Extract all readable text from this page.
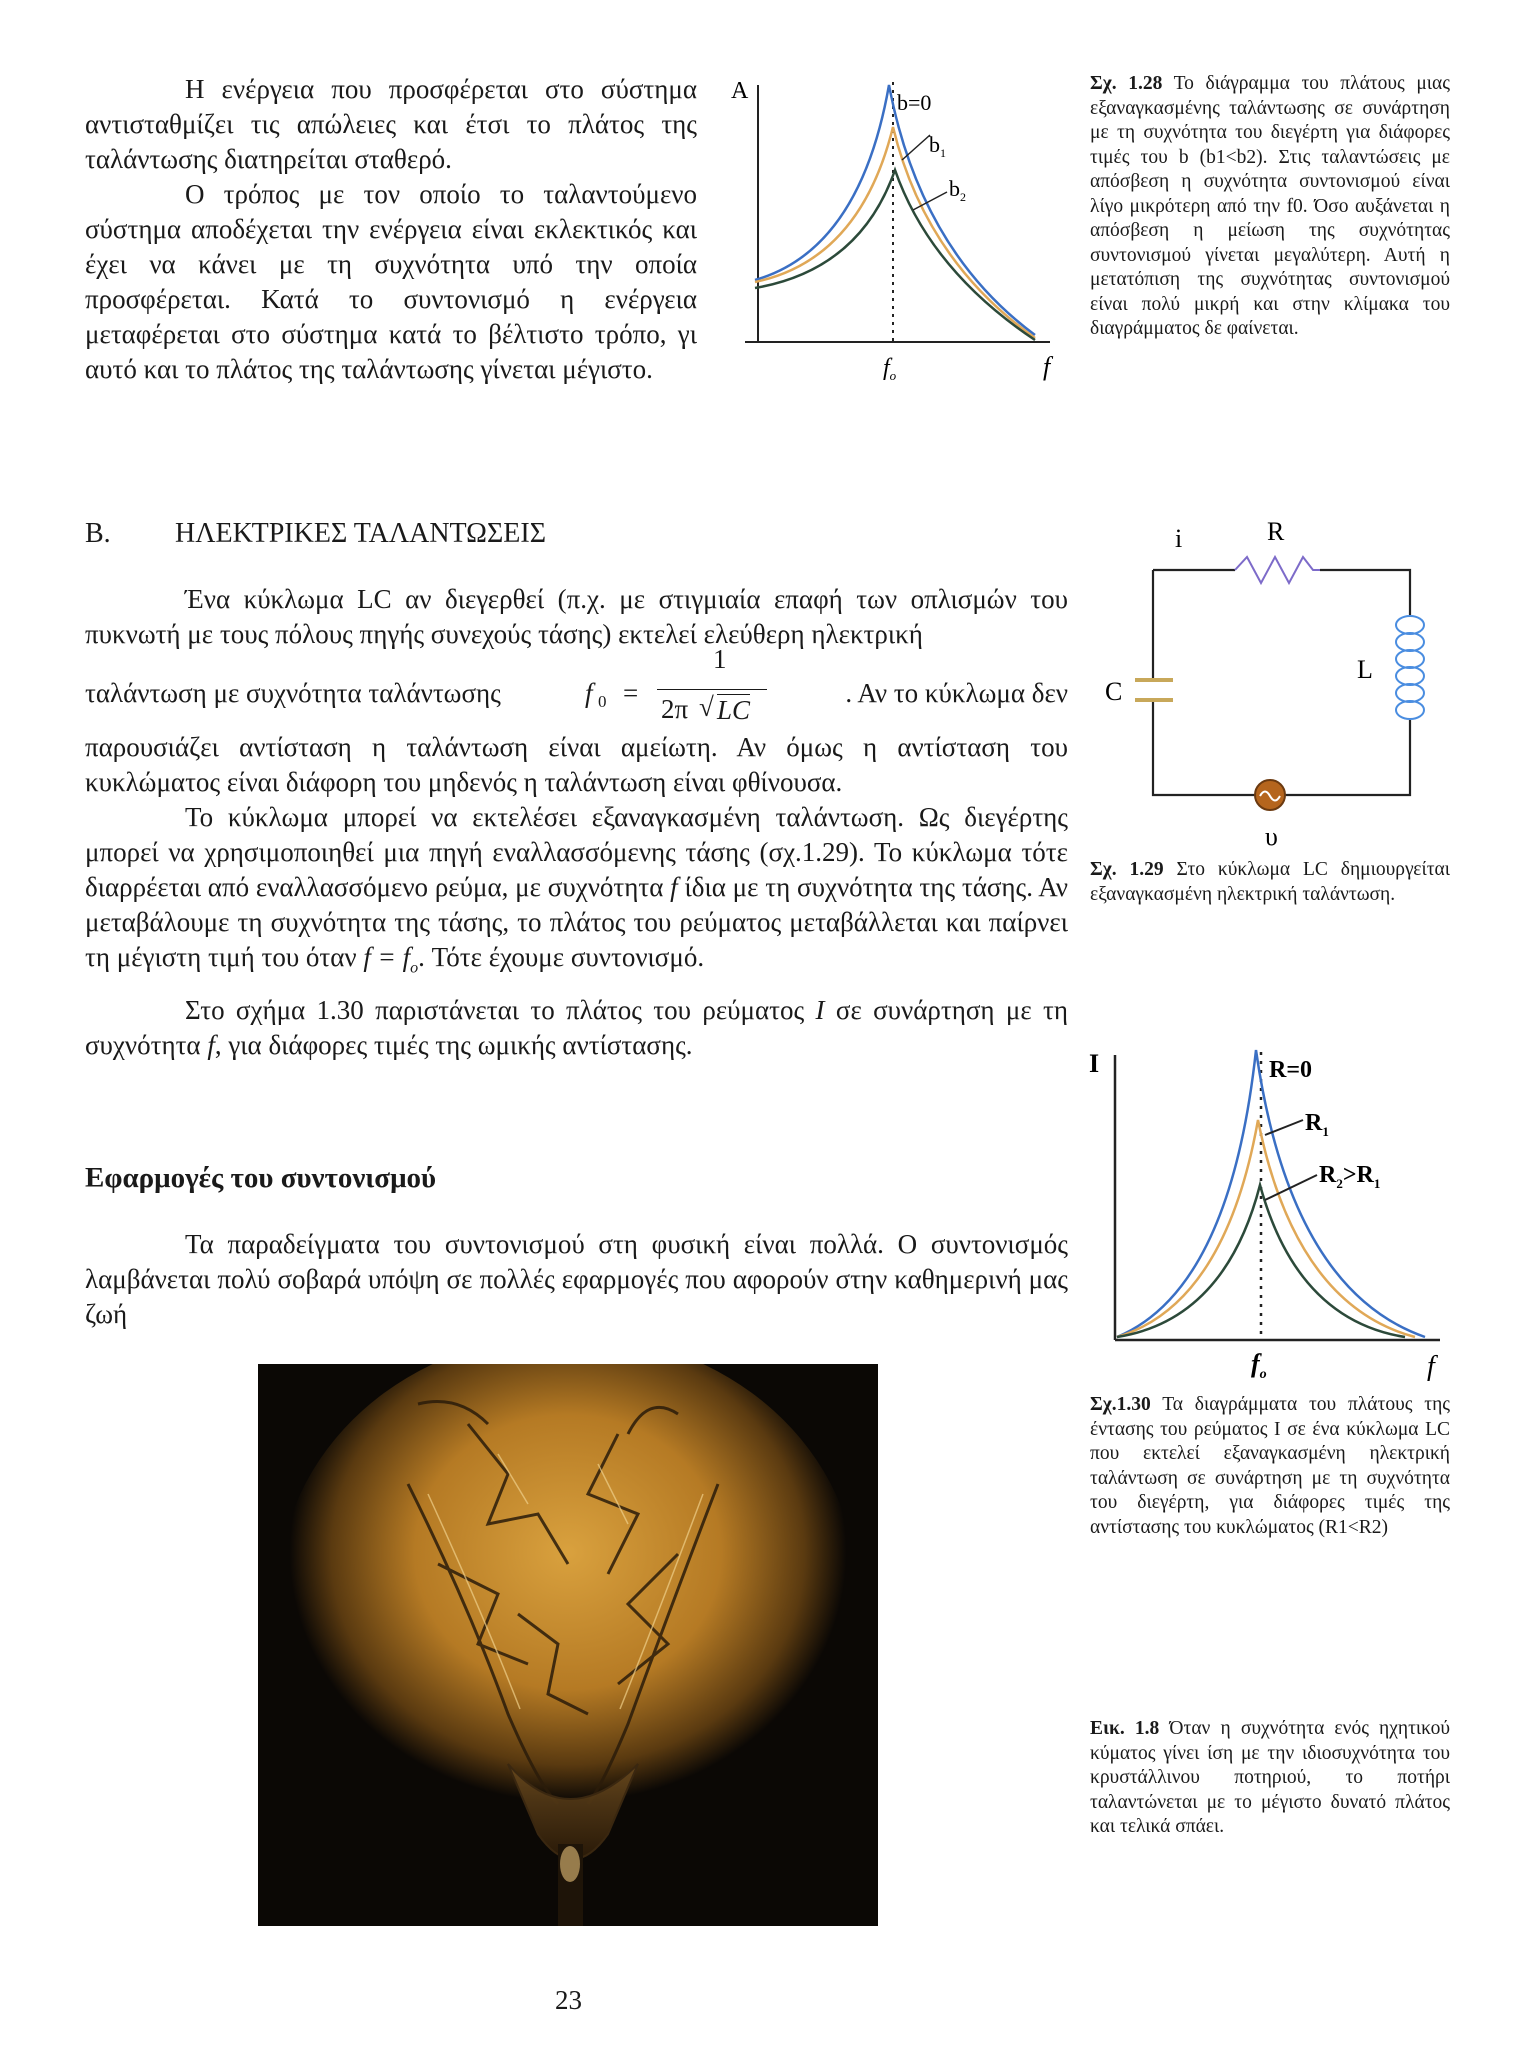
Η ενέργεια που προσφέρεται στο σύστημα αντισταθμίζει τις απώλειες και έτσι το πλάτος της ταλάντωσης διατηρείται σταθερό.

Ο τρόπος με τον οποίο το ταλαντούμενο σύστημα αποδέχεται την ενέργεια είναι εκλεκτικός και έχει να κάνει με τη συχνότητα υπό την οποία προσφέρεται. Κατά το συντονισμό η ενέργεια μεταφέρεται στο σύστημα κατά το βέλτιστο τρόπο, γι αυτό και το πλάτος της ταλάντωσης γίνεται μέγιστο.

A	b=0
$b_1$
$b_2$
$f_o$	f

Σχ. 1.28 Το διάγραμμα του πλάτους μιας εξαναγκασμένης ταλάντωσης σε συνάρτηση με τη συχνότητα του διεγέρτη για διάφορες τιμές του b (b1<b2). Στις ταλαντώσεις με απόσβεση η συχνότητα συντονισμού είναι λίγο μικρότερη από την f0. Όσο αυξάνεται η απόσβεση η μείωση της συχνότητας συντονισμού γίνεται μεγαλύτερη. Αυτή η μετατόπιση της συχνότητας συντονισμού είναι πολύ μικρή και στην κλίμακα του διαγράμματος δε φαίνεται.

B. ΗΛΕΚΤΡΙΚΕΣ ΤΑΛΑΝΤΩΣΕΙΣ

Ένα κύκλωμα LC αν διεγερθεί (π.χ. με στιγμιαία επαφή των οπλισμών του πυκνωτή με τους πόλους πηγής συνεχούς τάσης) εκτελεί ελεύθερη ηλεκτρική

ταλάντωση με συχνότητα ταλάντωσης	f 0 =
1
2π √ LC
. Αν το κύκλωμα δεν

παρουσιάζει αντίσταση η ταλάντωση είναι αμείωτη. Αν όμως η αντίσταση του κυκλώματος είναι διάφορη του μηδενός η ταλάντωση είναι φθίνουσα.

Το κύκλωμα μπορεί να εκτελέσει εξαναγκασμένη ταλάντωση. Ως διεγέρτης μπορεί να χρησιμοποιηθεί μια πηγή εναλλασσόμενης τάσης (σχ.1.29). Το κύκλωμα τότε διαρρέεται από εναλλασσόμενο ρεύμα, με συχνότητα f ίδια με τη συχνότητα της τάσης. Αν μεταβάλουμε τη συχνότητα της τάσης, το πλάτος του ρεύματος μεταβάλλεται και παίρνει τη μέγιστη τιμή του όταν $f = f_o$. Τότε έχουμε συντονισμό.

Στο σχήμα 1.30 παριστάνεται το πλάτος του ρεύματος I σε συνάρτηση με τη συχνότητα f, για διάφορες τιμές της ωμικής αντίστασης.

i	R
C
L
υ

Σχ. 1.29 Στο κύκλωμα LC δημιουργείται εξαναγκασμένη ηλεκτρική ταλάντωση.

Εφαρμογές του συντονισμού

Τα παραδείγματα του συντονισμού στη φυσική είναι πολλά. Ο συντονισμός λαμβάνεται πολύ σοβαρά υπόψη σε πολλές εφαρμογές που αφορούν στην καθημερινή μας ζωή

I	R=0
$R_1$
$R_2>R_1$
$f_o$	f

Σχ.1.30 Τα διαγράμματα του πλάτους της έντασης του ρεύματος I σε ένα κύκλωμα LC που εκτελεί εξαναγκασμένη ηλεκτρική ταλάντωση σε συνάρτηση με τη συχνότητα του διεγέρτη, για διάφορες τιμές της αντίστασης του κυκλώματος (R1<R2)

Εικ. 1.8 Όταν η συχνότητα ενός ηχητικού κύματος γίνει ίση με την ιδιοσυχνότητα του κρυστάλλινου ποτηριού, το ποτήρι ταλαντώνεται με το μέγιστο δυνατό πλάτος και τελικά σπάει.

23
